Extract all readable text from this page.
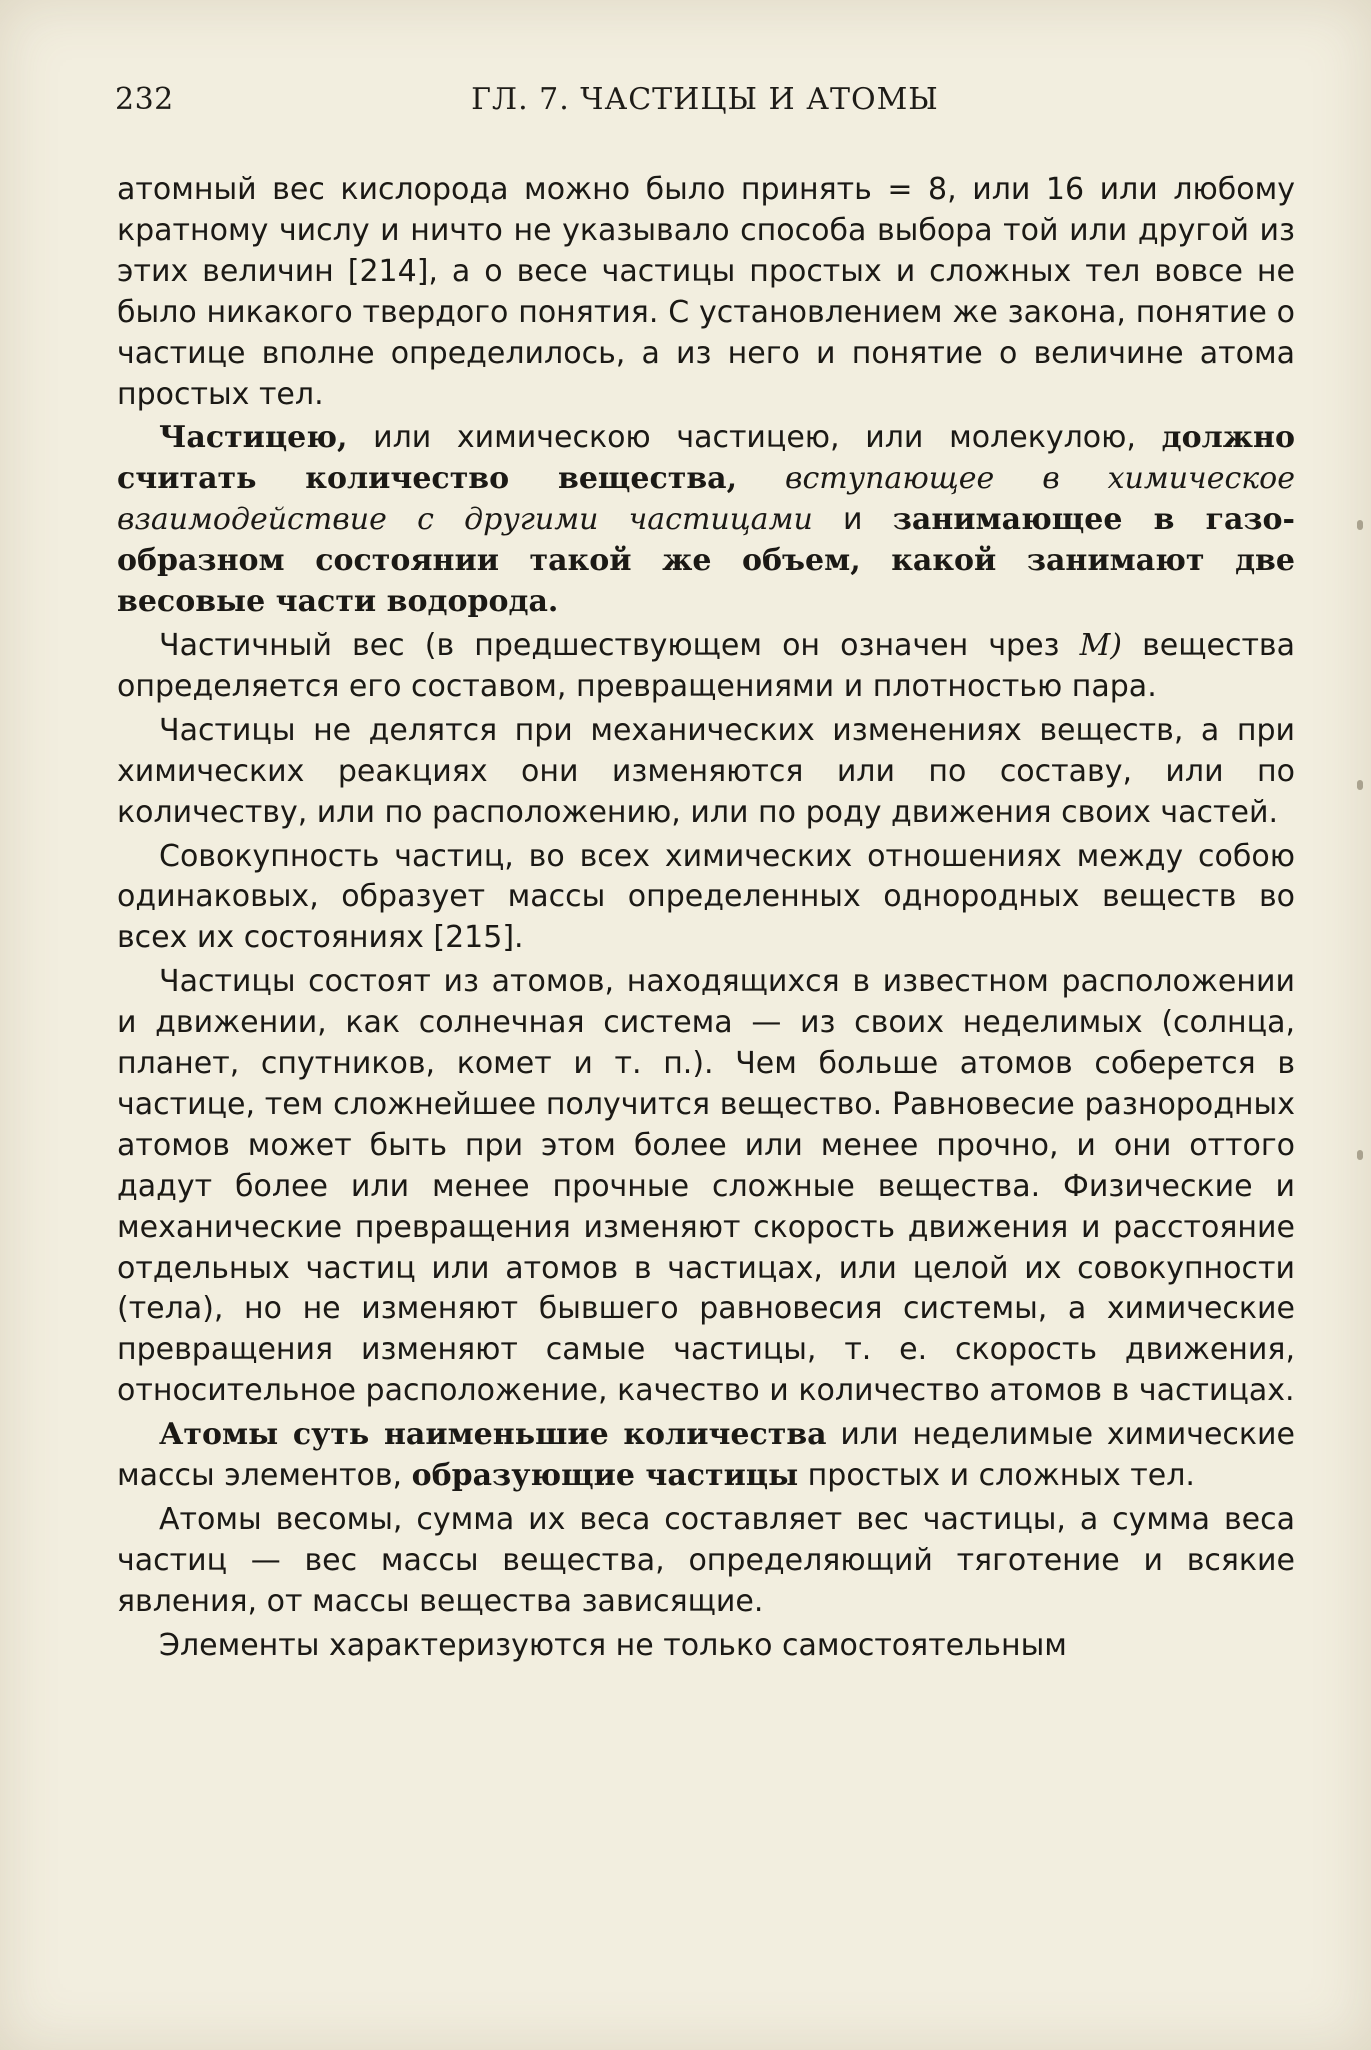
232	ГЛ. 7. ЧАСТИЦЫ И АТОМЫ

атомный вес кислорода можно было принять = 8, или 16 или любому кратному числу и ничто не указывало способа выбора той или другой из этих величин [214], а о весе частицы простых и сложных тел вовсе не было никакого твердого понятия. С установлением же закона, понятие о частице вполне определилось, а из него и понятие о величине атома простых тел.

Частицею, или химическою частицею, или молекулою, должно считать количество вещества, вступающее в химическое взаимодействие с другими частицами и занимающее в газообразном состоянии такой же объем, какой занимают две весовые части водорода.

Частичный вес (в предшествующем он означен чрез M) вещества определяется его составом, превращениями и плотностью пара.

Частицы не делятся при механических изменениях веществ, а при химических реакциях они изменяются или по составу, или по количеству, или по расположению, или по роду движения своих частей.

Совокупность частиц, во всех химических отношениях между собою одинаковых, образует массы определенных однородных веществ во всех их состояниях [215].

Частицы состоят из атомов, находящихся в известном расположении и движении, как солнечная система — из своих неделимых (солнца, планет, спутников, комет и т. п.). Чем больше атомов соберется в частице, тем сложнейшее получится вещество. Равновесие разнородных атомов может быть при этом более или менее прочно, и они оттого дадут более или менее прочные сложные вещества. Физические и механические превращения изменяют скорость движения и расстояние отдельных частиц или атомов в частицах, или целой их совокупности (тела), но не изменяют бывшего равновесия системы, а химические превращения изменяют самые частицы, т. е. скорость движения, относительное расположение, качество и количество атомов в частицах.

Атомы суть наименьшие количества или неделимые химические массы элементов, образующие частицы простых и сложных тел.

Атомы весомы, сумма их веса составляет вес частицы, а сумма веса частиц — вес массы вещества, определяющий тяготение и всякие явления, от массы вещества зависящие.

Элементы характеризуются не только самостоятельным
